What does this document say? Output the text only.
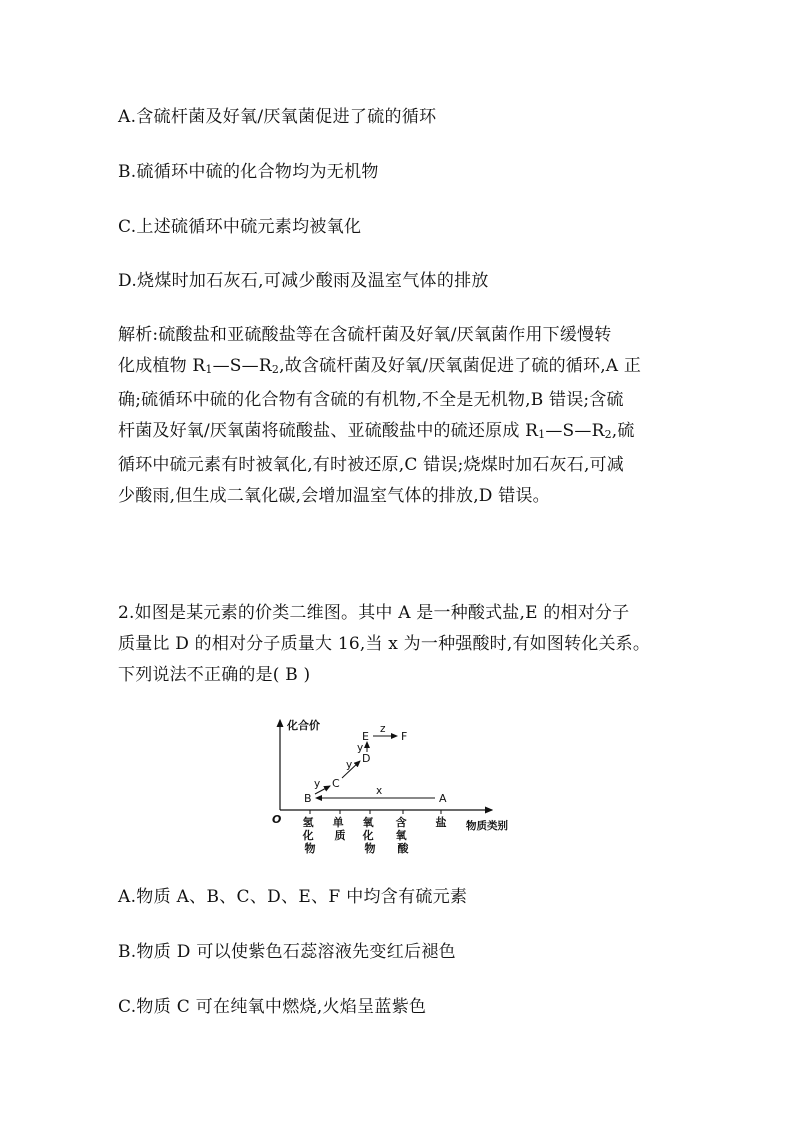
A.含硫杆菌及好氧/厌氧菌促进了硫的循环
B.硫循环中硫的化合物均为无机物
C.上述硫循环中硫元素均被氧化
D.烧煤时加石灰石,可减少酸雨及温室气体的排放

解析:硫酸盐和亚硫酸盐等在含硫杆菌及好氧/厌氧菌作用下缓慢转

化成植物 $R_1—S—R_2$,故含硫杆菌及好氧/厌氧菌促进了硫的循环,A 正

确;硫循环中硫的化合物有含硫的有机物,不全是无机物,B 错误;含硫

杆菌及好氧/厌氧菌将硫酸盐、亚硫酸盐中的硫还原成 $R_1—S—R_2$,硫

循环中硫元素有时被氧化,有时被还原,C 错误;烧煤时加石灰石,可减

少酸雨,但生成二氧化碳,会增加温室气体的排放,D 错误。

2.如图是某元素的价类二维图。其中 A 是一种酸式盐,E 的相对分子

质量比 D 的相对分子质量大 16,当 x 为一种强酸时,有如图转化关系。

下列说法不正确的是( B )

化合价
O	物质类别
氢 化 物
单 质
氧 化 物
含 氧 酸
盐
A
B
C
D
E	F
x
y
y
y
z
A.物质 A、B、C、D、E、F 中均含有硫元素
B.物质 D 可以使紫色石蕊溶液先变红后褪色
C.物质 C 可在纯氧中燃烧,火焰呈蓝紫色
